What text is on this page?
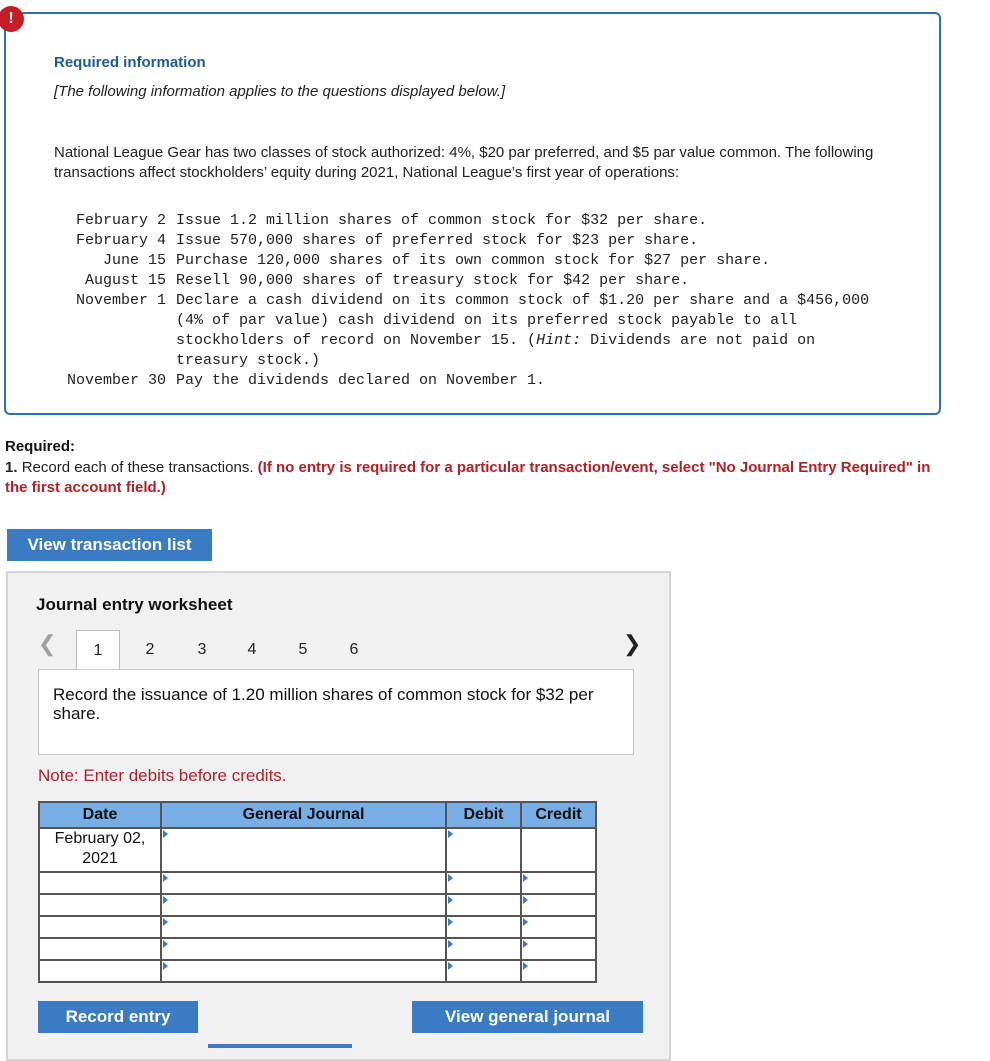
Required information
[The following information applies to the questions displayed below.]
National League Gear has two classes of stock authorized: 4%, $20 par preferred, and $5 par value common. The following transactions affect stockholders’ equity during 2021, National League’s first year of operations:
February 2 Issue 1.2 million shares of common stock for $32 per share.
February 4 Issue 570,000 shares of preferred stock for $23 per share.
June 15 Purchase 120,000 shares of its own common stock for $27 per share.
August 15 Resell 90,000 shares of treasury stock for $42 per share.
November 1 Declare a cash dividend on its common stock of $1.20 per share and a $456,000 (4% of par value) cash dividend on its preferred stock payable to all stockholders of record on November 15. (Hint: Dividends are not paid on treasury stock.)
November 30 Pay the dividends declared on November 1.
!
Required:
1. Record each of these transactions. (If no entry is required for a particular transaction/event, select "No Journal Entry Required" in the first account field.)
View transaction list
Journal entry worksheet
❮	1	2	3	4	5	6	❯
Record the issuance of 1.20 million shares of common stock for $32 per share.
Note: Enter debits before credits.
Date	General Journal	Debit	Credit
February 02, 2021	

Record entry	View general journal
